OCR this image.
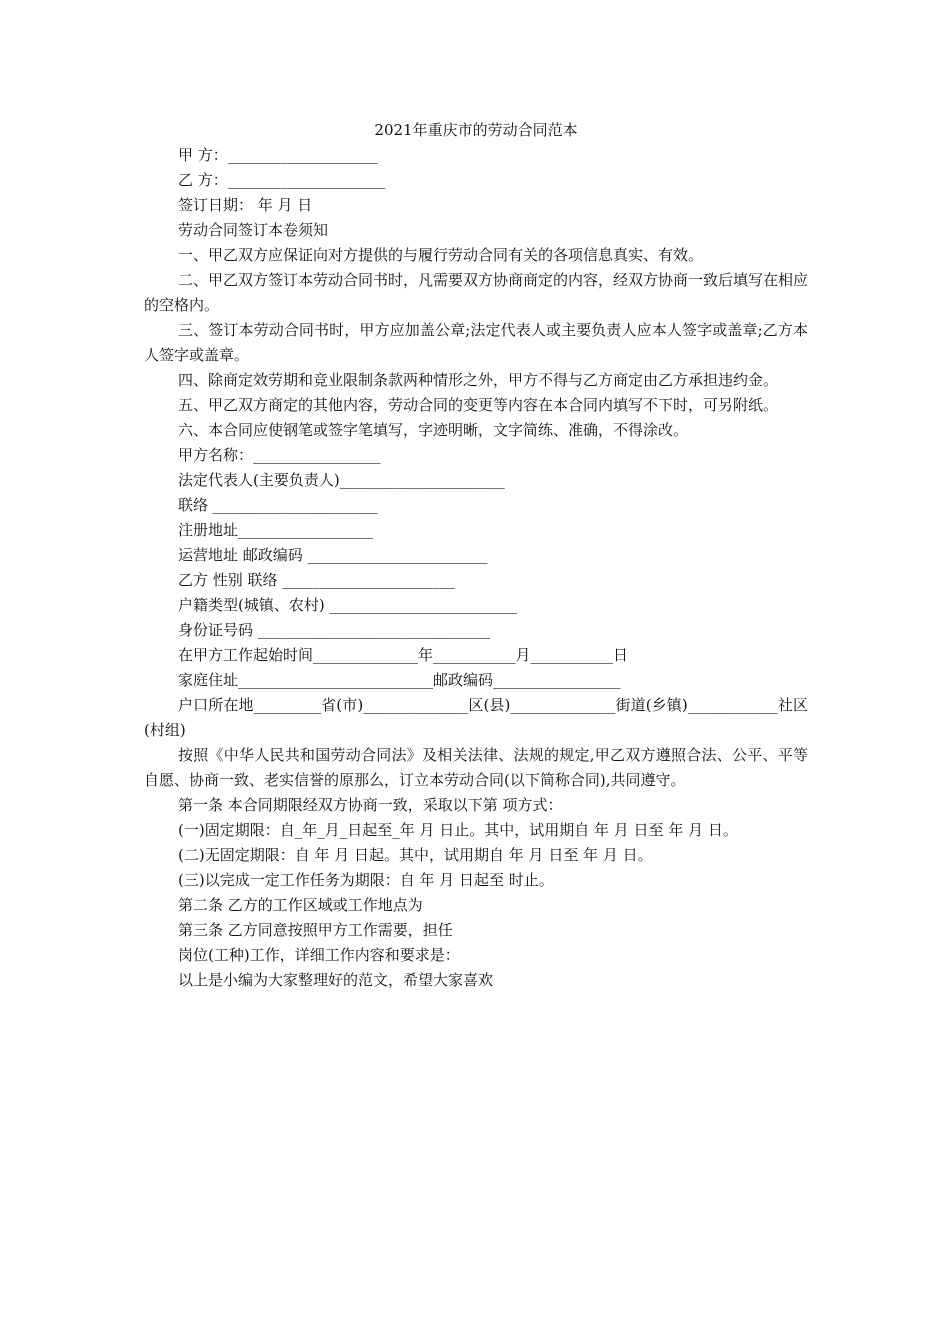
2021年重庆市的劳动合同范本

甲 方：____________________

乙 方：_____________________

签订日期： 年 月 日

劳动合同签订本卷须知

一、甲乙双方应保证向对方提供的与履行劳动合同有关的各项信息真实、有效。

二、甲乙双方签订本劳动合同书时，凡需要双方协商商定的内容，经双方协商一致后填写在相应的空格内。

三、签订本劳动合同书时，甲方应加盖公章;法定代表人或主要负责人应本人签字或盖章;乙方本人签字或盖章。

四、除商定效劳期和竞业限制条款两种情形之外，甲方不得与乙方商定由乙方承担违约金。

五、甲乙双方商定的其他内容，劳动合同的变更等内容在本合同内填写不下时，可另附纸。

六、本合同应使钢笔或签字笔填写，字迹明晰，文字简练、准确，不得涂改。

甲方名称：_________________

法定代表人(主要负责人)______________________

联络 ______________________

注册地址__________________

运营地址 邮政编码 ________________________

乙方 性别 联络 _______________________

户籍类型(城镇、农村) _________________________

身份证号码 _______________________________

在甲方工作起始时间______________年___________月___________日

家庭住址__________________________邮政编码_________________

户口所在地_________省(市)______________区(县)______________街道(乡镇)____________社区(村组)

按照《中华人民共和国劳动合同法》及相关法律、法规的规定,甲乙双方遵照合法、公平、平等自愿、协商一致、老实信誉的原那么，订立本劳动合同(以下简称合同),共同遵守。

第一条 本合同期限经双方协商一致，采取以下第 项方式：

(一)固定期限：自_年_月_日起至_年 月 日止。其中，试用期自 年 月 日至 年 月 日。

(二)无固定期限：自 年 月 日起。其中，试用期自 年 月 日至 年 月 日。

(三)以完成一定工作任务为期限：自 年 月 日起至 时止。

第二条 乙方的工作区域或工作地点为

第三条 乙方同意按照甲方工作需要，担任

岗位(工种)工作，详细工作内容和要求是：

以上是小编为大家整理好的范文，希望大家喜欢
